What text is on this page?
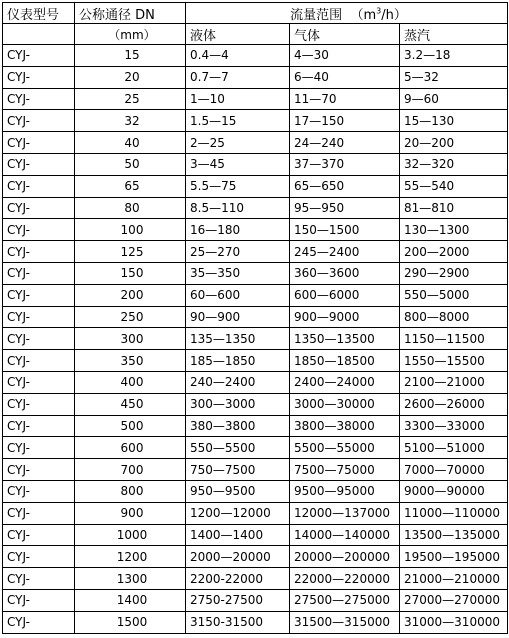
仪表型号	公称通径 DN	流量范围 $(m^3/h)$		
	（mm）	液体	气体	蒸汽
CYJ-	15	0.4—4	4—30	3.2—18
CYJ-	20	0.7—7	6—40	5—32
CYJ-	25	1—10	11—70	9—60
CYJ-	32	1.5—15	17—150	15—130
CYJ-	40	2—25	24—240	20—200
CYJ-	50	3—45	37—370	32—320
CYJ-	65	5.5—75	65—650	55—540
CYJ-	80	8.5—110	95—950	81—810
CYJ-	100	16—180	150—1500	130—1300
CYJ-	125	25—270	245—2400	200—2000
CYJ-	150	35—350	360—3600	290—2900
CYJ-	200	60—600	600—6000	550—5000
CYJ-	250	90—900	900—9000	800—8000
CYJ-	300	135—1350	1350—13500	1150—11500
CYJ-	350	185—1850	1850—18500	1550—15500
CYJ-	400	240—2400	2400—24000	2100—21000
CYJ-	450	300—3000	3000—30000	2600—26000
CYJ-	500	380—3800	3800—38000	3300—33000
CYJ-	600	550—5500	5500—55000	5100—51000
CYJ-	700	750—7500	7500—75000	7000—70000
CYJ-	800	950—9500	9500—95000	9000—90000
CYJ-	900	1200—12000	12000—137000	11000—110000
CYJ-	1000	1400—1400	14000—140000	13500—135000
CYJ-	1200	2000—20000	20000—200000	19500—195000
CYJ-	1300	2200-22000	22000—220000	21000—210000
CYJ-	1400	2750-27500	27500—275000	27000—270000
CYJ-	1500	3150-31500	31500—315000	31000—310000
